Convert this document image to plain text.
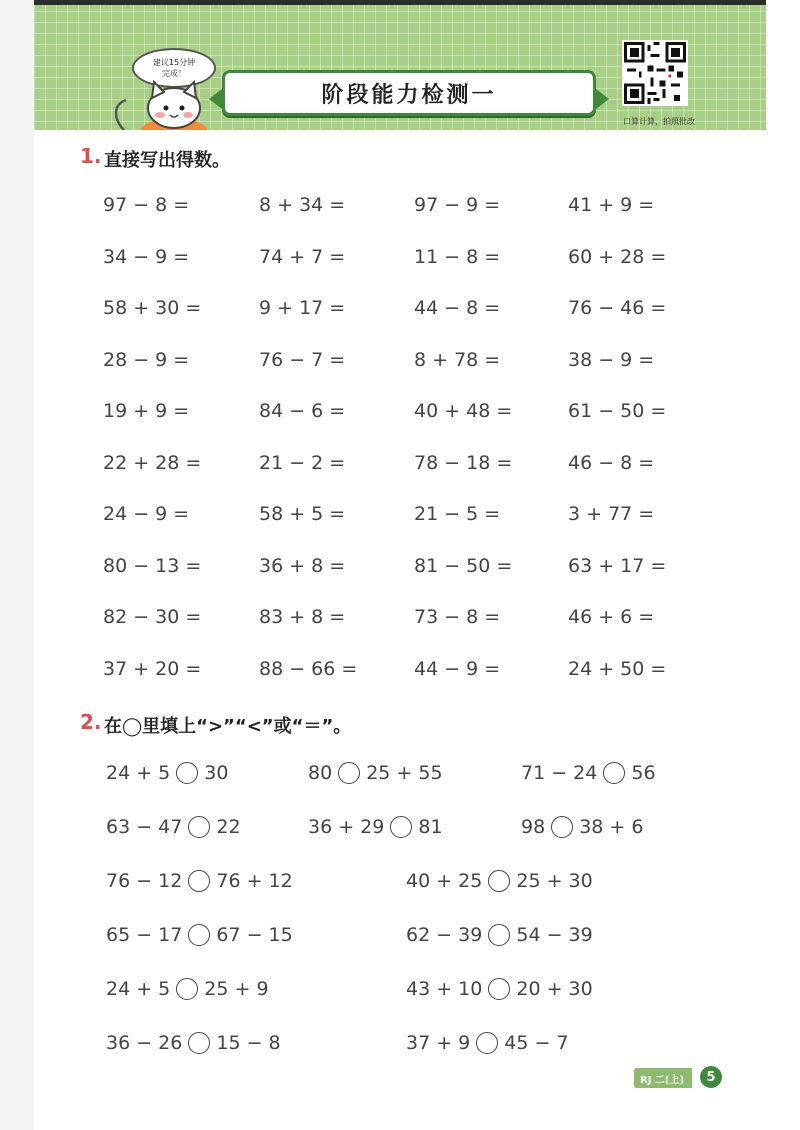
建议15分钟
完成！
阶段能力检测一
口算计算，拍照批改
1. 直接写出得数。
97 − 8 =	8 + 34 =	97 − 9 =	41 + 9 =
34 − 9 =	74 + 7 =	11 − 8 =	60 + 28 =
58 + 30 =	9 + 17 =	44 − 8 =	76 − 46 =
28 − 9 =	76 − 7 =	8 + 78 =	38 − 9 =
19 + 9 =	84 − 6 =	40 + 48 =	61 − 50 =
22 + 28 =	21 − 2 =	78 − 18 =	46 − 8 =
24 − 9 =	58 + 5 =	21 − 5 =	3 + 77 =
80 − 13 =	36 + 8 =	81 − 50 =	63 + 17 =
82 − 30 =	83 + 8 =	73 − 8 =	46 + 6 =
37 + 20 =	88 − 66 =	44 − 9 =	24 + 50 =
2. 在◯里填上“>”“<”或“＝”。
24 + 5 30	80 25 + 55	71 − 24 56
63 − 47 22	36 + 29 81	98 38 + 6
76 − 12 76 + 12	40 + 25 25 + 30
65 − 17 67 − 15	62 − 39 54 − 39
24 + 5 25 + 9	43 + 10 20 + 30
36 − 26 15 − 8	37 + 9 45 − 7
RJ 二(上)	5
